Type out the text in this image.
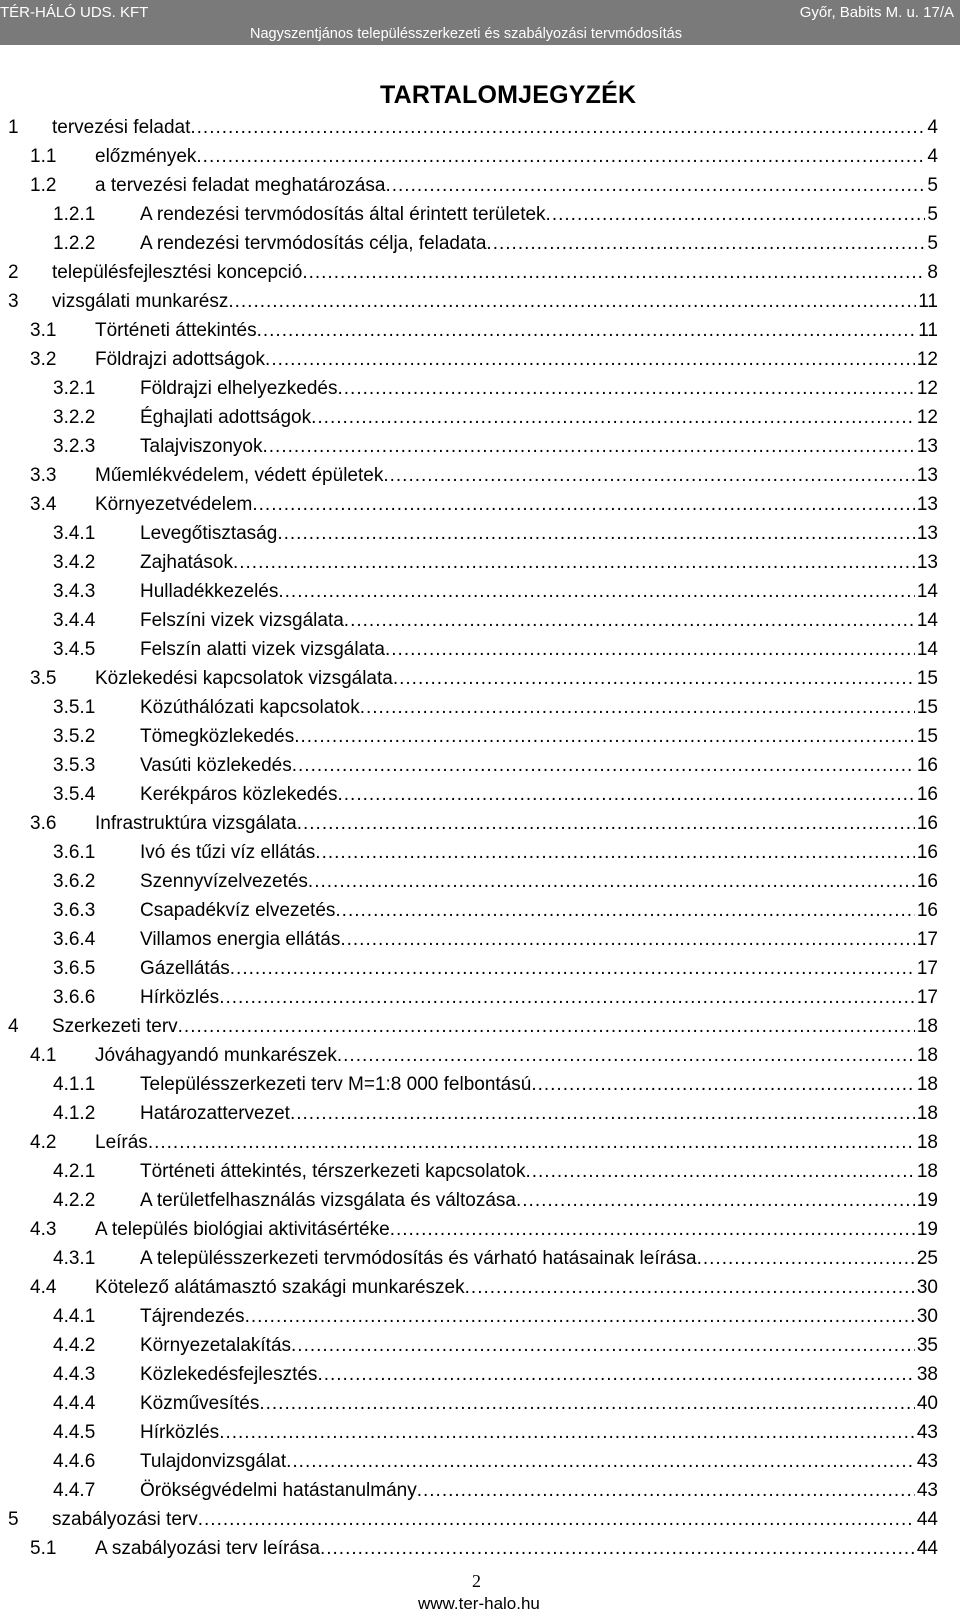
TÉR-HÁLÓ UDS. KFT	Győr, Babits M. u. 17/A
Nagyszentjános településszerkezeti és szabályozási tervmódosítás
TARTALOMJEGYZÉK
1 tervezési feladat .....	4
1.1 előzmények .....	4
1.2 a tervezési feladat meghatározása .....	5
1.2.1 A rendezési tervmódosítás által érintett területek .....	5
1.2.2 A rendezési tervmódosítás célja, feladata .....	5
2 településfejlesztési koncepció .....	8
3 vizsgálati munkarész .....	11
3.1 Történeti áttekintés .....	11
3.2 Földrajzi adottságok .....	12
3.2.1 Földrajzi elhelyezkedés .....	12
3.2.2 Éghajlati adottságok .....	12
3.2.3 Talajviszonyok .....	13
3.3 Műemlékvédelem, védett épületek .....	13
3.4 Környezetvédelem .....	13
3.4.1 Levegőtisztaság .....	13
3.4.2 Zajhatások .....	13
3.4.3 Hulladékkezelés .....	14
3.4.4 Felszíni vizek vizsgálata .....	14
3.4.5 Felszín alatti vizek vizsgálata .....	14
3.5 Közlekedési kapcsolatok vizsgálata .....	15
3.5.1 Közúthálózati kapcsolatok .....	15
3.5.2 Tömegközlekedés .....	15
3.5.3 Vasúti közlekedés .....	16
3.5.4 Kerékpáros közlekedés .....	16
3.6 Infrastruktúra vizsgálata .....	16
3.6.1 Ivó és tűzi víz ellátás .....	16
3.6.2 Szennyvízelvezetés .....	16
3.6.3 Csapadékvíz elvezetés .....	16
3.6.4 Villamos energia ellátás .....	17
3.6.5 Gázellátás .....	17
3.6.6 Hírközlés .....	17
4 Szerkezeti terv .....	18
4.1 Jóváhagyandó munkarészek .....	18
4.1.1 Településszerkezeti terv M=1:8 000 felbontású .....	18
4.1.2 Határozattervezet .....	18
4.2 Leírás .....	18
4.2.1 Történeti áttekintés, térszerkezeti kapcsolatok .....	18
4.2.2 A területfelhasználás vizsgálata és változása .....	19
4.3 A település biológiai aktivitásértéke .....	19
4.3.1 A településszerkezeti tervmódosítás és várható hatásainak leírása .....	25
4.4 Kötelező alátámasztó szakági munkarészek .....	30
4.4.1 Tájrendezés .....	30
4.4.2 Környezetalakítás .....	35
4.4.3 Közlekedésfejlesztés .....	38
4.4.4 Közművesítés .....	40
4.4.5 Hírközlés .....	43
4.4.6 Tulajdonvizsgálat .....	43
4.4.7 Örökségvédelmi hatástanulmány .....	43
5 szabályozási terv .....	44
5.1 A szabályozási terv leírása .....	44
2
www.ter-halo.hu
